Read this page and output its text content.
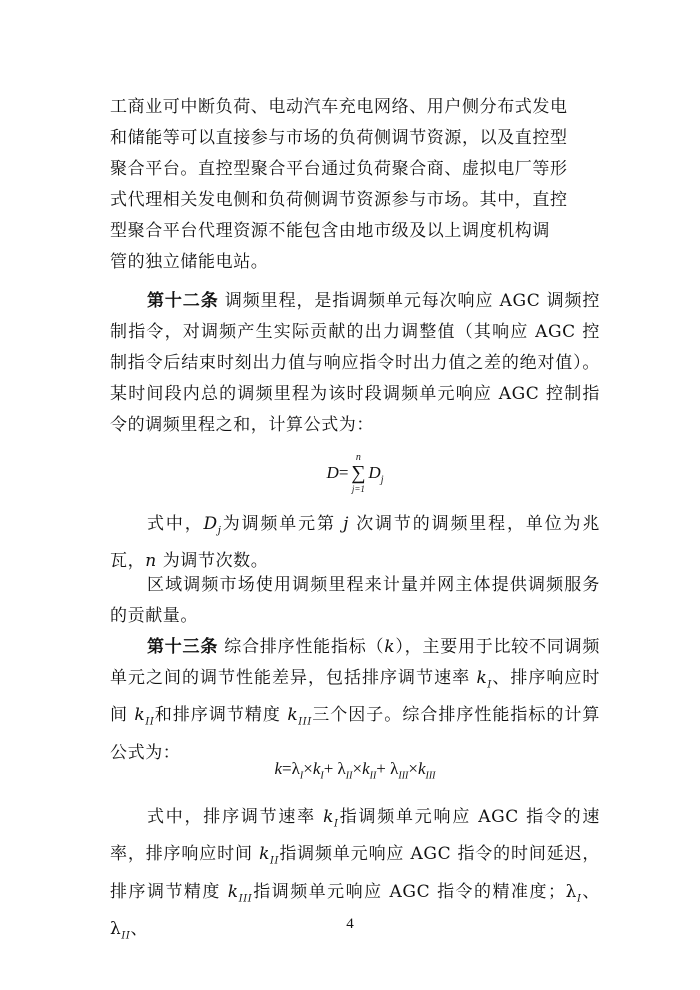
工商业可中断负荷、电动汽车充电网络、用户侧分布式发电
和储能等可以直接参与市场的负荷侧调节资源，以及直控型
聚合平台。直控型聚合平台通过负荷聚合商、虚拟电厂等形
式代理相关发电侧和负荷侧调节资源参与市场。其中，直控
型聚合平台代理资源不能包含由地市级及以上调度机构调
管的独立储能电站。

第十二条 调频里程，是指调频单元每次响应 AGC 调频控制指令，对调频产生实际贡献的出力调整值（其响应 AGC 控制指令后结束时刻出力值与响应指令时出力值之差的绝对值）。某时间段内总的调频里程为该时段调频单元响应 AGC 控制指令的调频里程之和，计算公式为：

D=
n
∑
j=1
$D_j$

式中，$D_j$为调频单元第 j 次调节的调频里程，单位为兆瓦，n 为调节次数。

区域调频市场使用调频里程来计量并网主体提供调频服务的贡献量。

第十三条 综合排序性能指标（k），主要用于比较不同调频单元之间的调节性能差异，包括排序调节速率 $k_I$、排序响应时间 $k_{II}$和排序调节精度 $k_{III}$三个因子。综合排序性能指标的计算公式为：

$k=\lambda_I\times k_I+ \lambda_{II}\times k_{II}+ \lambda_{III}\times k_{III}$

式中，排序调节速率 $k_I$指调频单元响应 AGC 指令的速率，排序响应时间 $k_{II}$指调频单元响应 AGC 指令的时间延迟，排序调节精度 $k_{III}$指调频单元响应 AGC 指令的精准度；$\lambda_I$、$\lambda_{II}$、	4
